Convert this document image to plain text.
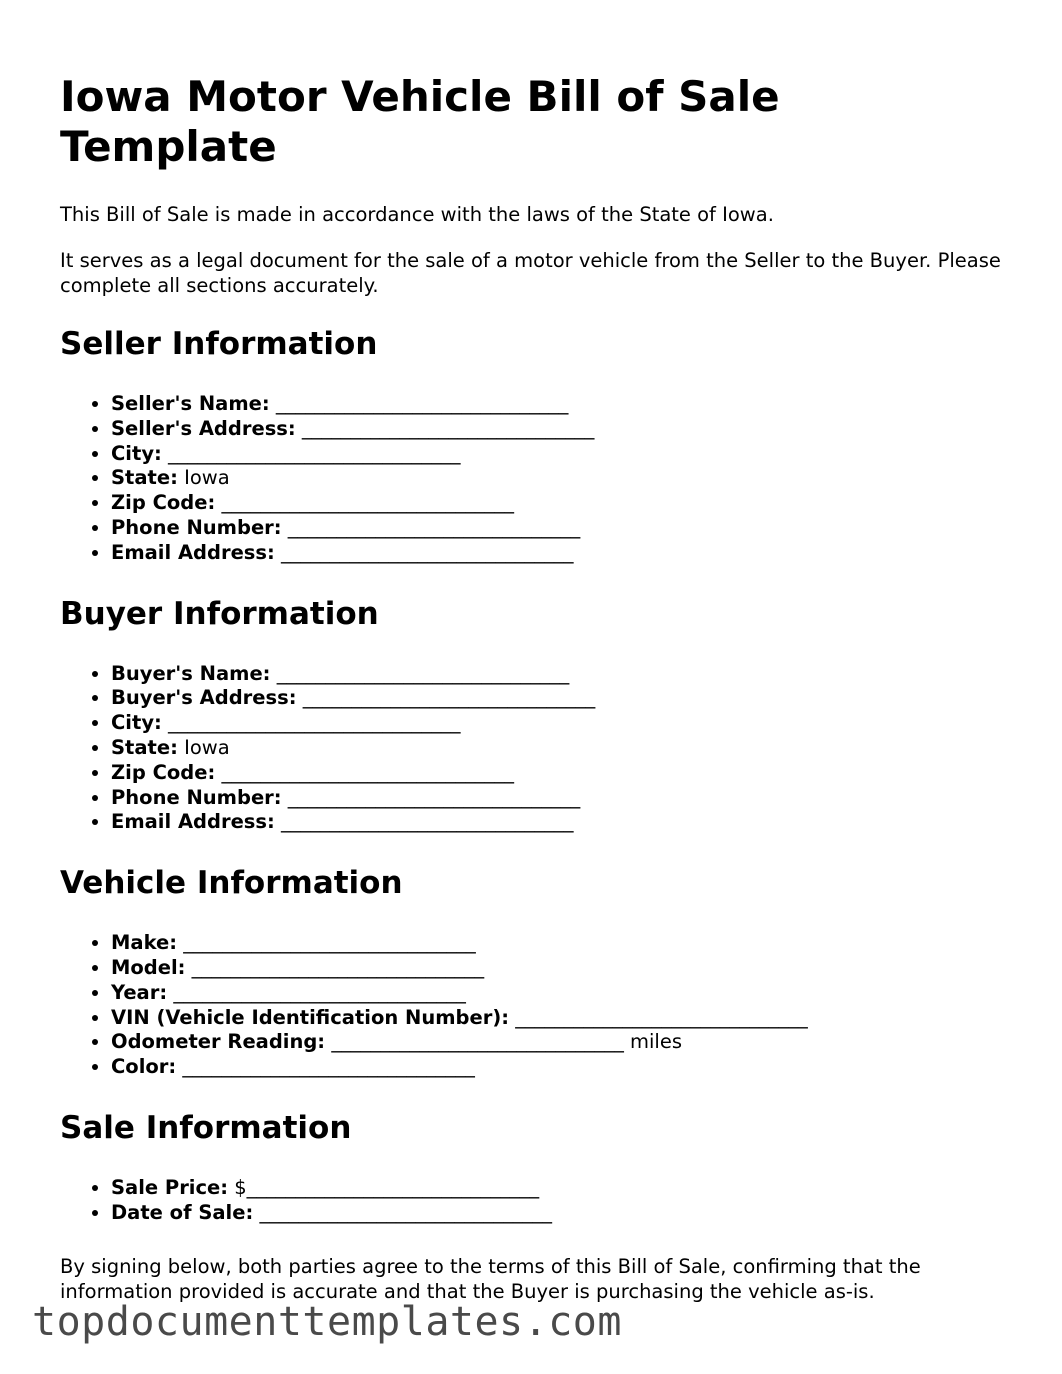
Iowa Motor Vehicle Bill of Sale Template

This Bill of Sale is made in accordance with the laws of the State of Iowa.

It serves as a legal document for the sale of a motor vehicle from the Seller to the Buyer. Please complete all sections accurately.

Seller Information
• Seller's Name: ______________________________
• Seller's Address: ______________________________
• City: ______________________________
• State: Iowa
• Zip Code: ______________________________
• Phone Number: ______________________________
• Email Address: ______________________________
Buyer Information
• Buyer's Name: ______________________________
• Buyer's Address: ______________________________
• City: ______________________________
• State: Iowa
• Zip Code: ______________________________
• Phone Number: ______________________________
• Email Address: ______________________________
Vehicle Information
• Make: ______________________________
• Model: ______________________________
• Year: ______________________________
• VIN (Vehicle Identification Number): ______________________________
• Odometer Reading: ______________________________ miles
• Color: ______________________________
Sale Information
• Sale Price: $______________________________
• Date of Sale: ______________________________

By signing below, both parties agree to the terms of this Bill of Sale, confirming that the information provided is accurate and that the Buyer is purchasing the vehicle as-is.

topdocumenttemplates.com
